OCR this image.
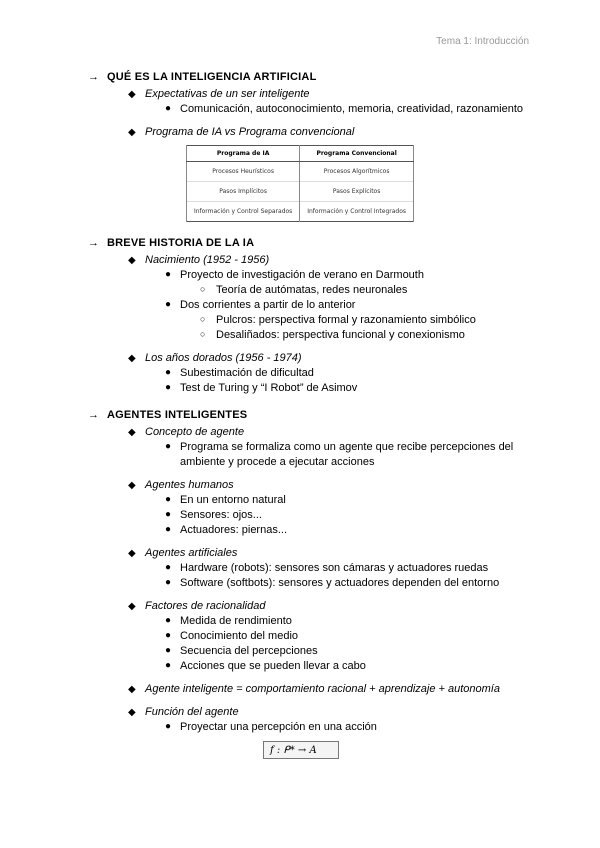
Tema 1: Introducción
→ QUÉ ES LA INTELIGENCIA ARTIFICIAL
◆ Expectativas de un ser inteligente
● Comunicación, autoconocimiento, memoria, creatividad, razonamiento
◆ Programa de IA vs Programa convencional
Programa de IA	Programa Convencional
Procesos Heurísticos	Procesos Algorítmicos
Pasos Implícitos	Pasos Explícitos
Información y Control Separados	Información y Control Integrados
→ BREVE HISTORIA DE LA IA
◆ Nacimiento (1952 - 1956)
● Proyecto de investigación de verano en Darmouth
○ Teoría de autómatas, redes neuronales
● Dos corrientes a partir de lo anterior
○ Pulcros: perspectiva formal y razonamiento simbólico
○ Desaliñados: perspectiva funcional y conexionismo
◆ Los años dorados (1956 - 1974)
● Subestimación de dificultad
● Test de Turing y “I Robot” de Asimov
→ AGENTES INTELIGENTES
◆ Concepto de agente
● Programa se formaliza como un agente que recibe percepciones del
ambiente y procede a ejecutar acciones
◆ Agentes humanos
● En un entorno natural
● Sensores: ojos...
● Actuadores: piernas...
◆ Agentes artificiales
● Hardware (robots): sensores son cámaras y actuadores ruedas
● Software (softbots): sensores y actuadores dependen del entorno
◆ Factores de racionalidad
● Medida de rendimiento
● Conocimiento del medio
● Secuencia del percepciones
● Acciones que se pueden llevar a cabo
◆ Agente inteligente = comportamiento racional + aprendizaje + autonomía
◆ Función del agente
● Proyectar una percepción en una acción
f : ᑭ* → A
